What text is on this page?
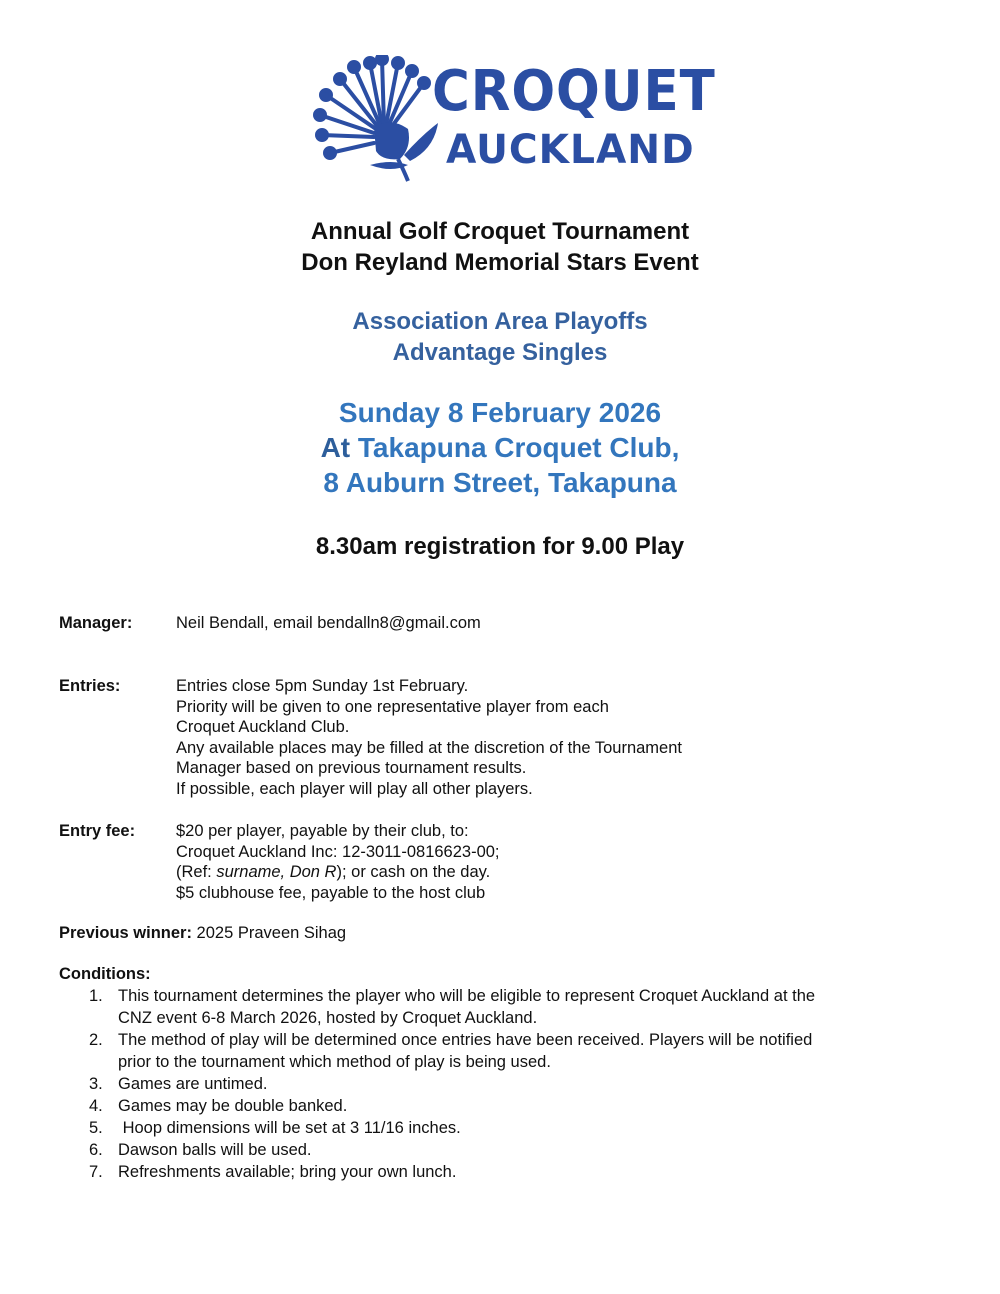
CROQUET
AUCKLAND
Annual Golf Croquet Tournament
Don Reyland Memorial Stars Event
Association Area Playoffs
Advantage Singles
Sunday 8 February 2026
At Takapuna Croquet Club,
8 Auburn Street, Takapuna
8.30am registration for 9.00 Play
Manager:	Neil Bendall, email bendalln8@gmail.com
Entries:	Entries close 5pm Sunday 1st February.
Priority will be given to one representative player from each
Croquet Auckland Club.
Any available places may be filled at the discretion of the Tournament
Manager based on previous tournament results.
If possible, each player will play all other players.
Entry fee: $20 per player, payable by their club, to:
Croquet Auckland Inc: 12-3011-0816623-00;
(Ref: surname, Don R); or cash on the day.
$5 clubhouse fee, payable to the host club
Previous winner: 2025 Praveen Sihag
Conditions:
1. This tournament determines the player who will be eligible to represent Croquet Auckland at the CNZ event 6-8 March 2026, hosted by Croquet Auckland.
2. The method of play will be determined once entries have been received. Players will be notified prior to the tournament which method of play is being used.
3. Games are untimed.
4. Games may be double banked.
5. Hoop dimensions will be set at 3 11/16 inches.
6. Dawson balls will be used.
7. Refreshments available; bring your own lunch.
